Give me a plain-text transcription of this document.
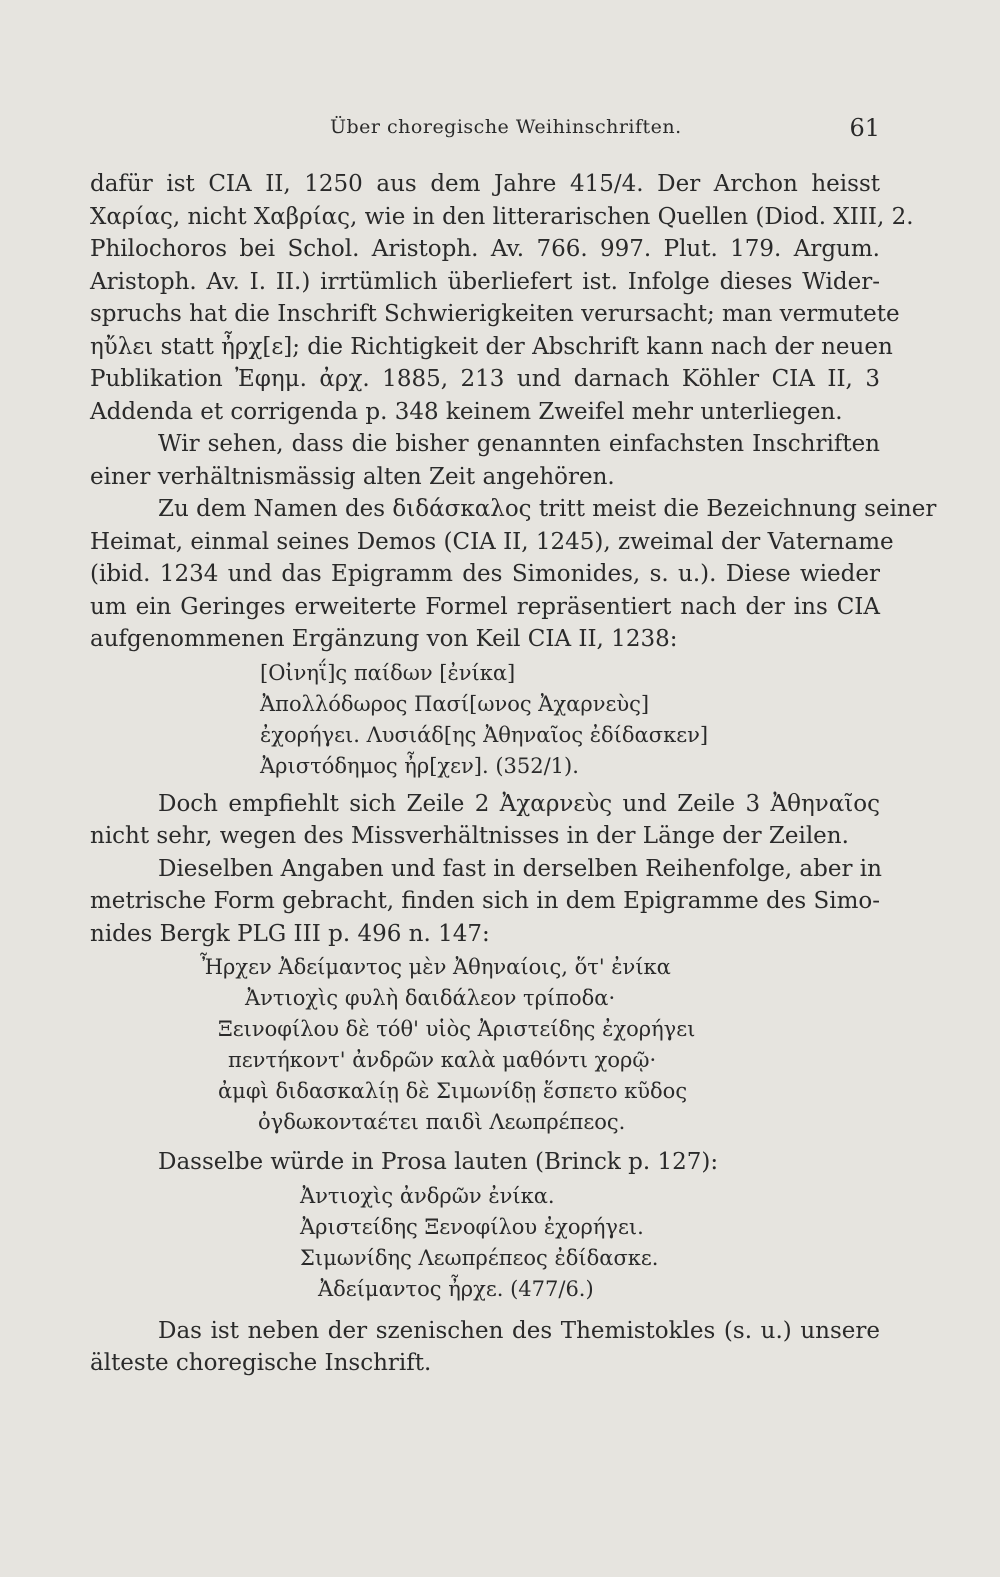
Über choregische Weihinschriften.	61
dafür ist CIA II, 1250 aus dem Jahre 415/4. Der Archon heisst
Χαρίας, nicht Χαβρίας, wie in den litterarischen Quellen (Diod. XIII, 2.
Philochoros bei Schol. Aristoph. Av. 766. 997. Plut. 179. Argum.
Aristoph. Av. I. II.) irrtümlich überliefert ist. Infolge dieses Wider-
spruchs hat die Inschrift Schwierigkeiten verursacht; man vermutete
ηὔλει statt ἦρχ[ε]; die Richtigkeit der Abschrift kann nach der neuen
Publikation Ἐφημ. ἀρχ. 1885, 213 und darnach Köhler CIA II, 3
Addenda et corrigenda p. 348 keinem Zweifel mehr unterliegen.
Wir sehen, dass die bisher genannten einfachsten Inschriften
einer verhältnismässig alten Zeit angehören.
Zu dem Namen des διδάσκαλος tritt meist die Bezeichnung seiner
Heimat, einmal seines Demos (CIA II, 1245), zweimal der Vatername
(ibid. 1234 und das Epigramm des Simonides, s. u.). Diese wieder
um ein Geringes erweiterte Formel repräsentiert nach der ins CIA
aufgenommenen Ergänzung von Keil CIA II, 1238:
[Οἰνηΐ]ς παίδων [ἐνίκα]
Ἀπολλόδωρος Πασί[ωνος Ἀχαρνεὺς]
ἐχορήγει. Λυσιάδ[ης Ἀθηναῖος ἐδίδασκεν]
Ἀριστόδημος ἦρ[χεν]. (352/1).
Doch empfiehlt sich Zeile 2 Ἀχαρνεὺς und Zeile 3 Ἀθηναῖος
nicht sehr, wegen des Missverhältnisses in der Länge der Zeilen.
Dieselben Angaben und fast in derselben Reihenfolge, aber in
metrische Form gebracht, finden sich in dem Epigramme des Simo-
nides Bergk PLG III p. 496 n. 147:
Ἦρχεν Ἀδείμαντος μὲν Ἀθηναίοις, ὅτ' ἐνίκα
Ἀντιοχὶς φυλὴ δαιδάλεον τρίποδα·
Ξεινοφίλου δὲ τόθ' υἱὸς Ἀριστείδης ἐχορήγει
πεντήκοντ' ἀνδρῶν καλὰ μαθόντι χορῷ·
ἀμφὶ διδασκαλίῃ δὲ Σιμωνίδῃ ἕσπετο κῦδος
ὀγδωκονταέτει παιδὶ Λεωπρέπεος.
Dasselbe würde in Prosa lauten (Brinck p. 127):
Ἀντιοχὶς ἀνδρῶν ἐνίκα.
Ἀριστείδης Ξενοφίλου ἐχορήγει.
Σιμωνίδης Λεωπρέπεος ἐδίδασκε.
Ἀδείμαντος ἦρχε. (477/6.)
Das ist neben der szenischen des Themistokles (s. u.) unsere
älteste choregische Inschrift.
